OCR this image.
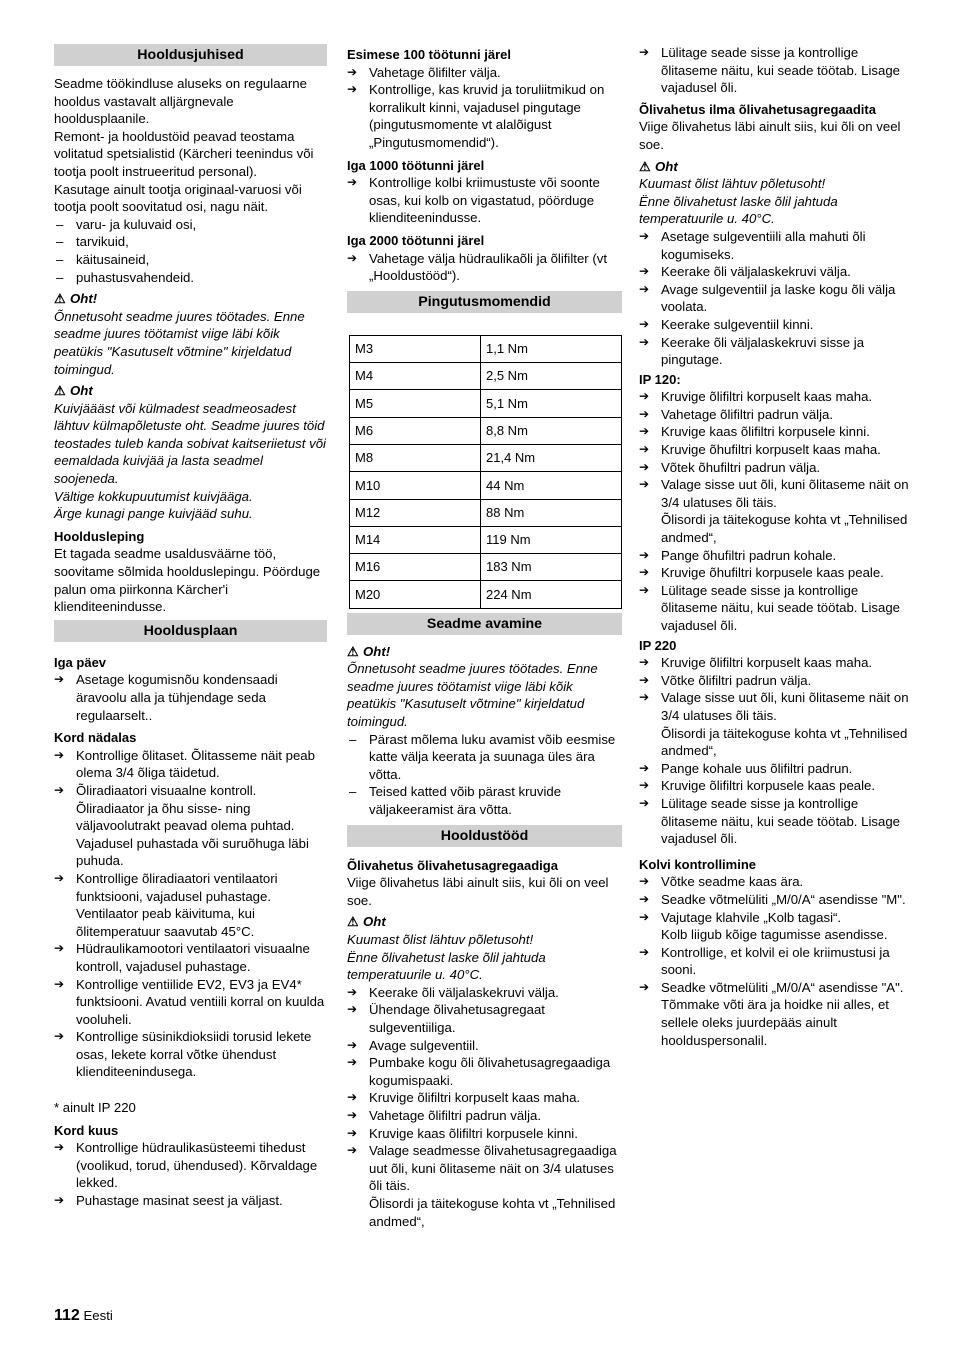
Hooldusjuhised
Seadme töökindluse aluseks on regulaarne hooldus vastavalt alljärgnevale hooldusplaanile.
Remont- ja hooldustöid peavad teostama volitatud spetsialistid (Kärcheri teenindus või tootja poolt instrueeritud personal).
Kasutage ainult tootja originaal-varuosi või tootja poolt soovitatud osi, nagu näit.
– varu- ja kuluvaid osi,
– tarvikuid,
– käitusaineid,
– puhastusvahendeid.
⚠ Oht!
Õnnetusoht seadme juures töötades. Enne seadme juures töötamist viige läbi kõik peatükis "Kasutuselt võtmine" kirjeldatud toimingud.
⚠ Oht
Kuivjäääst või külmadest seadmeosadest lähtuv külmapõletuste oht. Seadme juures töid teostades tuleb kanda sobivat kaitseriietust või eemaldada kuivjää ja lasta seadmel soojeneda.
Vältige kokkupuutumist kuivjääga.
Ärge kunagi pange kuivjääd suhu.
Hooldusleping
Et tagada seadme usaldusväärne töö, soovitame sõlmida hoolduslepingu. Pöörduge palun oma piirkonna Kärcher'i klienditeenindusse.
Hooldusplaan
Iga päev
➔ Asetage kogumisnõu kondensaadi äravoolu alla ja tühjendage seda regulaarselt..
Kord nädalas
➔ Kontrollige õlitaset. Õlitasseme näit peab olema 3/4 õliga täidetud.
➔ Õliradiaatori visuaalne kontroll. Õliradiaator ja õhu sisse- ning väljavoolutrakt peavad olema puhtad. Vajadusel puhastada või suruõhuga läbi puhuda.
➔ Kontrollige õliradiaatori ventilaatori funktsiooni, vajadusel puhastage. Ventilaator peab käivituma, kui õlitemperatuur saavutab 45°C.
➔ Hüdraulikamootori ventilaatori visuaalne kontroll, vajadusel puhastage.
➔ Kontrollige ventiilide EV2, EV3 ja EV4* funktsiooni. Avatud ventiili korral on kuulda vooluheli.
➔ Kontrollige süsinikdioksiidi torusid lekete osas, lekete korral võtke ühendust klienditeenindusega.
* ainult IP 220
Kord kuus
➔ Kontrollige hüdraulikasüsteemi tihedust (voolikud, torud, ühendused). Kõrvaldage lekked.
➔ Puhastage masinat seest ja väljast.
Esimese 100 töötunni järel
➔ Vahetage õlifilter välja.
➔ Kontrollige, kas kruvid ja toruliitmikud on korralikult kinni, vajadusel pingutage (pingutusmomente vt alalõigust „Pingutusmomendid“).
Iga 1000 töötunni järel
➔ Kontrollige kolbi kriimustuste või soonte osas, kui kolb on vigastatud, pöörduge klienditeenindusse.
Iga 2000 töötunni järel
➔ Vahetage välja hüdraulikaõli ja õlifilter (vt „Hooldustööd“).
Pingutusmomendid
M3	1,1 Nm
M4	2,5 Nm
M5	5,1 Nm
M6	8,8 Nm
M8	21,4 Nm
M10	44 Nm
M12	88 Nm
M14	119 Nm
M16	183 Nm
M20	224 Nm
Seadme avamine
⚠ Oht!
Õnnetusoht seadme juures töötades. Enne seadme juures töötamist viige läbi kõik peatükis "Kasutuselt võtmine" kirjeldatud toimingud.
– Pärast mõlema luku avamist võib eesmise katte välja keerata ja suunaga üles ära võtta.
– Teised katted võib pärast kruvide väljakeeramist ära võtta.
Hooldustööd
Õlivahetus õlivahetusagregaadiga
Viige õlivahetus läbi ainult siis, kui õli on veel soe.
⚠ Oht
Kuumast õlist lähtuv põletusoht!
Ënne õlivahetust laske õlil jahtuda temperatuurile u. 40°C.
➔ Keerake õli väljalaskekruvi välja.
➔ Ühendage õlivahetusagregaat sulgeventiiliga.
➔ Avage sulgeventiil.
➔ Pumbake kogu õli õlivahetusagregaadiga kogumispaaki.
➔ Kruvige õlifiltri korpuselt kaas maha.
➔ Vahetage õlifiltri padrun välja.
➔ Kruvige kaas õlifiltri korpusele kinni.
➔ Valage seadmesse õlivahetusagregaadiga uut õli, kuni õlitaseme näit on 3/4 ulatuses õli täis.
Õlisordi ja täitekoguse kohta vt „Tehnilised andmed“,
➔ Lülitage seade sisse ja kontrollige õlitaseme näitu, kui seade töötab. Lisage vajadusel õli.
Õlivahetus ilma õlivahetusagregaadita
Viige õlivahetus läbi ainult siis, kui õli on veel soe.
⚠ Oht
Kuumast õlist lähtuv põletusoht!
Ënne õlivahetust laske õlil jahtuda temperatuurile u. 40°C.
➔ Asetage sulgeventiili alla mahuti õli kogumiseks.
➔ Keerake õli väljalaskekruvi välja.
➔ Avage sulgeventiil ja laske kogu õli välja voolata.
➔ Keerake sulgeventiil kinni.
➔ Keerake õli väljalaskekruvi sisse ja pingutage.
IP 120:
➔ Kruvige õlifiltri korpuselt kaas maha.
➔ Vahetage õlifiltri padrun välja.
➔ Kruvige kaas õlifiltri korpusele kinni.
➔ Kruvige õhufiltri korpuselt kaas maha.
➔ Võtek õhufiltri padrun välja.
➔ Valage sisse uut õli, kuni õlitaseme näit on 3/4 ulatuses õli täis.
Õlisordi ja täitekoguse kohta vt „Tehnilised andmed“,
➔ Pange õhufiltri padrun kohale.
➔ Kruvige õhufiltri korpusele kaas peale.
➔ Lülitage seade sisse ja kontrollige õlitaseme näitu, kui seade töötab. Lisage vajadusel õli.
IP 220
➔ Kruvige õlifiltri korpuselt kaas maha.
➔ Võtke õlifiltri padrun välja.
➔ Valage sisse uut õli, kuni õlitaseme näit on 3/4 ulatuses õli täis.
Õlisordi ja täitekoguse kohta vt „Tehnilised andmed“,
➔ Pange kohale uus õlifiltri padrun.
➔ Kruvige õlifiltri korpusele kaas peale.
➔ Lülitage seade sisse ja kontrollige õlitaseme näitu, kui seade töötab. Lisage vajadusel õli.
Kolvi kontrollimine
➔ Võtke seadme kaas ära.
➔ Seadke võtmelüliti „M/0/A“ asendisse "M".
➔ Vajutage klahvile „Kolb tagasi“.
Kolb liigub kõige tagumisse asendisse.
➔ Kontrollige, et kolvil ei ole kriimustusi ja sooni.
➔ Seadke võtmelüliti „M/0/A“ asendisse "A". Tõmmake võti ära ja hoidke nii alles, et sellele oleks juurdepääs ainult hoolduspersonalil.
112 Eesti
